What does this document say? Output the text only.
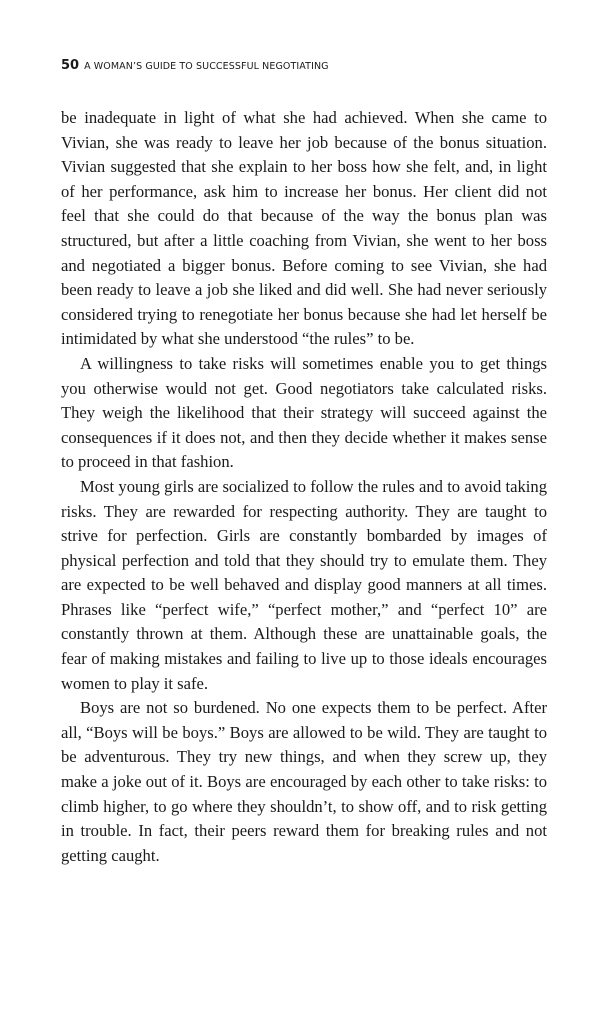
50 A WOMAN’S GUIDE TO SUCCESSFUL NEGOTIATING

be inadequate in light of what she had achieved. When she came to Vivian, she was ready to leave her job because of the bonus situation. Vivian suggested that she explain to her boss how she felt, and, in light of her performance, ask him to increase her bonus. Her client did not feel that she could do that because of the way the bonus plan was structured, but after a little coaching from Vivian, she went to her boss and negotiated a bigger bonus. Before coming to see Vivian, she had been ready to leave a job she liked and did well. She had never seriously considered trying to renegotiate her bonus because she had let herself be intimidated by what she understood “the rules” to be.

A willingness to take risks will sometimes enable you to get things you otherwise would not get. Good negotiators take calculated risks. They weigh the likelihood that their strategy will succeed against the consequences if it does not, and then they decide whether it makes sense to proceed in that fashion.

Most young girls are socialized to follow the rules and to avoid taking risks. They are rewarded for respecting authority. They are taught to strive for perfection. Girls are constantly bombarded by images of physical perfection and told that they should try to emulate them. They are expected to be well behaved and display good manners at all times. Phrases like “perfect wife,” “perfect mother,” and “perfect 10” are constantly thrown at them. Although these are unattainable goals, the fear of making mistakes and failing to live up to those ideals encourages women to play it safe.

Boys are not so burdened. No one expects them to be perfect. After all, “Boys will be boys.” Boys are allowed to be wild. They are taught to be adventurous. They try new things, and when they screw up, they make a joke out of it. Boys are encouraged by each other to take risks: to climb higher, to go where they shouldn’t, to show off, and to risk getting in trouble. In fact, their peers reward them for breaking rules and not getting caught.
